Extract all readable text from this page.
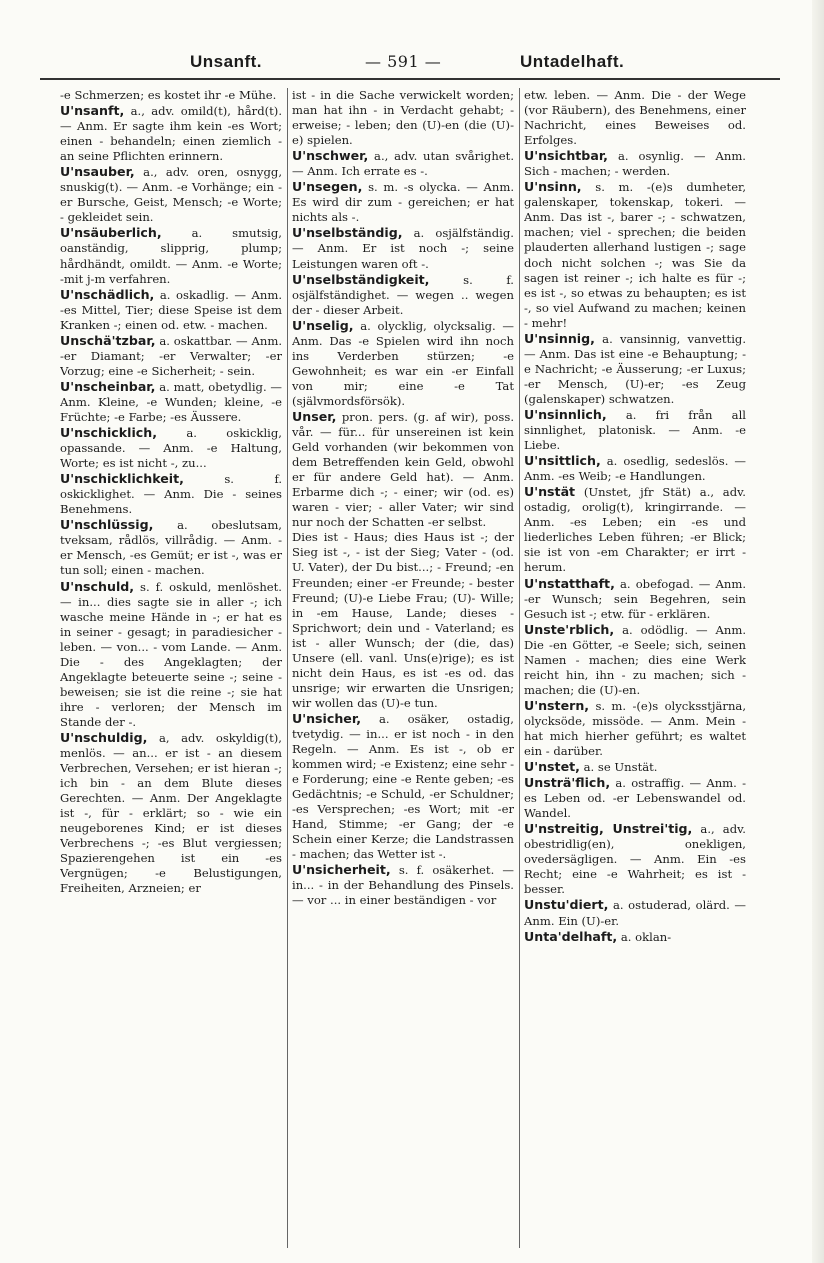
Unsanft.	— 591 —	Untadelhaft.

-e Schmerzen; es kostet ihr -e Mühe.

U'nsanft, a., adv. omild(t), hård(t). — Anm. Er sagte ihm kein -es Wort; einen - behandeln; einen ziemlich - an seine Pflichten erinnern.

U'nsauber, a., adv. oren, osnygg, snuskig(t). — Anm. -e Vorhänge; ein -er Bursche, Geist, Mensch; -e Worte; - gekleidet sein.

U'nsäuberlich,	a. smutsig, oanständig, slipprig, plump; hårdhändt, omildt. — Anm. -e Worte; -mit j-m verfahren.

U'nschädlich, a. oskadlig. — Anm. -es Mittel, Tier; diese Speise ist dem Kranken -; einen od. etw. - machen.

Unschä'tzbar, a. oskattbar. — Anm. -er Diamant; -er Verwalter; -er Vorzug; eine -e Sicherheit; - sein.

U'nscheinbar, a. matt, obetydlig. — Anm. Kleine, -e Wunden; kleine, -e Früchte; -e Farbe; -es Äussere.

U'nschicklich,	a. oskicklig, opassande. — Anm. -e Haltung, Worte; es ist nicht -, zu...

U'nschicklichkeit,	s. f. oskicklighet. — Anm. Die - seines Benehmens.

U'nschlüssig, a. obeslutsam, tveksam, rådlös, villrådig. — Anm. -er Mensch, -es Gemüt; er ist -, was er tun soll; einen - machen.

U'nschuld, s. f. oskuld, menlöshet. — in... dies sagte sie in aller -; ich wasche meine Hände in -; er hat es in seiner - gesagt; in paradiesicher - leben. — von... - vom Lande. — Anm. Die - des Angeklagten; der Angeklagte beteuerte seine -; seine - beweisen; sie ist die reine -; sie hat ihre - verloren; der Mensch im Stande der -.

U'nschuldig, a, adv. oskyldig(t), menlös. — an... er ist - an diesem Verbrechen, Versehen; er ist hieran -; ich bin - an dem Blute dieses Gerechten. — Anm. Der Angeklagte ist -, für - erklärt; so - wie ein neugeborenes Kind; er ist dieses Verbrechens -; -es Blut vergiessen; Spazierengehen ist ein -es Vergnügen; -e Belustigungen, Freiheiten, Arzneien; er

ist - in die Sache verwickelt worden; man hat ihn - in Verdacht gehabt; -erweise; - leben; den (U)-en (die (U)-e) spielen.

U'nschwer, a., adv. utan svårighet. — Anm. Ich errate es -.

U'nsegen, s. m. -s olycka. — Anm. Es wird dir zum - gereichen; er hat nichts als -.

U'nselbständig, a. osjälfständig. — Anm. Er ist noch -; seine Leistungen waren oft -.

U'nselbständigkeit,	s. f. osjälfständighet. — wegen .. wegen der - dieser Arbeit.

U'nselig, a. olycklig, olycksalig. — Anm. Das -e Spielen wird ihn noch ins Verderben stürzen; -e Gewohnheit; es war ein -er Einfall von mir; eine -e Tat (självmordsförsök).

Unser, pron. pers. (g. af wir), poss. vår. — für... für unsereinen ist kein Geld vorhanden (wir bekommen von dem Betreffenden kein Geld, obwohl er für andere Geld hat). — Anm. Erbarme dich -; - einer; wir (od. es) waren - vier; - aller Vater; wir sind nur noch der Schatten -er selbst.

Dies ist - Haus; dies Haus ist -; der Sieg ist -, - ist der Sieg; Vater - (od. U. Vater), der Du bist...; - Freund; -en Freunden; einer -er Freunde; - bester Freund; (U)-e Liebe Frau; (U)- Wille; in -em Hause, Lande; dieses - Sprichwort; dein und - Vaterland; es ist - aller Wunsch; der (die, das) Unsere (ell. vanl. Uns(e)rige); es ist nicht dein Haus, es ist -es od. das unsrige; wir erwarten die Unsrigen; wir wollen das (U)-e tun.

U'nsicher, a. osäker, ostadig, tvetydig. — in... er ist noch - in den Regeln. — Anm. Es ist -, ob er kommen wird; -e Existenz; eine sehr -e Forderung; eine -e Rente geben; -es Gedächtnis; -e Schuld, -er Schuldner; -es Versprechen; -es Wort; mit -er Hand, Stimme; -er Gang; der -e Schein einer Kerze; die Landstrassen - machen; das Wetter ist -.

U'nsicherheit, s. f. osäkerhet. — in... - in der Behandlung des Pinsels. — vor ... in einer beständigen - vor

etw. leben. — Anm. Die - der Wege (vor Räubern), des Benehmens, einer Nachricht, eines Beweises od. Erfolges.

U'nsichtbar, a. osynlig. — Anm. Sich - machen; - werden.

U'nsinn, s. m. -(e)s dumheter, galenskaper, tokenskap, tokeri. — Anm. Das ist -, barer -; - schwatzen, machen; viel - sprechen; die beiden plauderten allerhand lustigen -; sage doch nicht solchen -; was Sie da sagen ist reiner -; ich halte es für -; es ist -, so etwas zu behaupten; es ist -, so viel Aufwand zu machen; keinen - mehr!

U'nsinnig, a. vansinnig, vanvettig. — Anm. Das ist eine -e Behauptung; -e Nachricht; -e Äusserung; -er Luxus; -er Mensch, (U)-er; -es Zeug (galenskaper) schwatzen.

U'nsinnlich, a. fri från all sinnlighet, platonisk. — Anm. -e Liebe.

U'nsittlich, a. osedlig, sedeslös. — Anm. -es Weib; -e Handlungen.

U'nstät (Unstet, jfr Stät) a., adv. ostadig, orolig(t), kringirrande. — Anm. -es Leben; ein -es und liederliches Leben führen; -er Blick; sie ist von -em Charakter; er irrt - herum.

U'nstatthaft, a. obefogad. — Anm. -er Wunsch; sein Begehren, sein Gesuch ist -; etw. für - erklären.

Unste'rblich, a. odödlig. — Anm. Die -en Götter, -e Seele; sich, seinen Namen - machen; dies eine Werk reicht hin, ihn - zu machen; sich - machen; die (U)-en.

U'nstern, s. m. -(e)s olycksstjärna, olycksöde, missöde. — Anm. Mein - hat mich hierher geführt; es waltet ein - darüber.

U'nstet, a. se Unstät.

Unsträ'flich, a. ostraffig. — Anm. -es Leben od. -er Lebenswandel od. Wandel.

U'nstreitig, Unstrei'tig, a., adv. obestridlig(en), onekligen, ovedersägligen. — Anm. Ein -es Recht; eine -e Wahrheit; es ist - besser.

Unstu'diert, a. ostuderad, olärd. — Anm. Ein (U)-er.

Unta'delhaft, a. oklan-
